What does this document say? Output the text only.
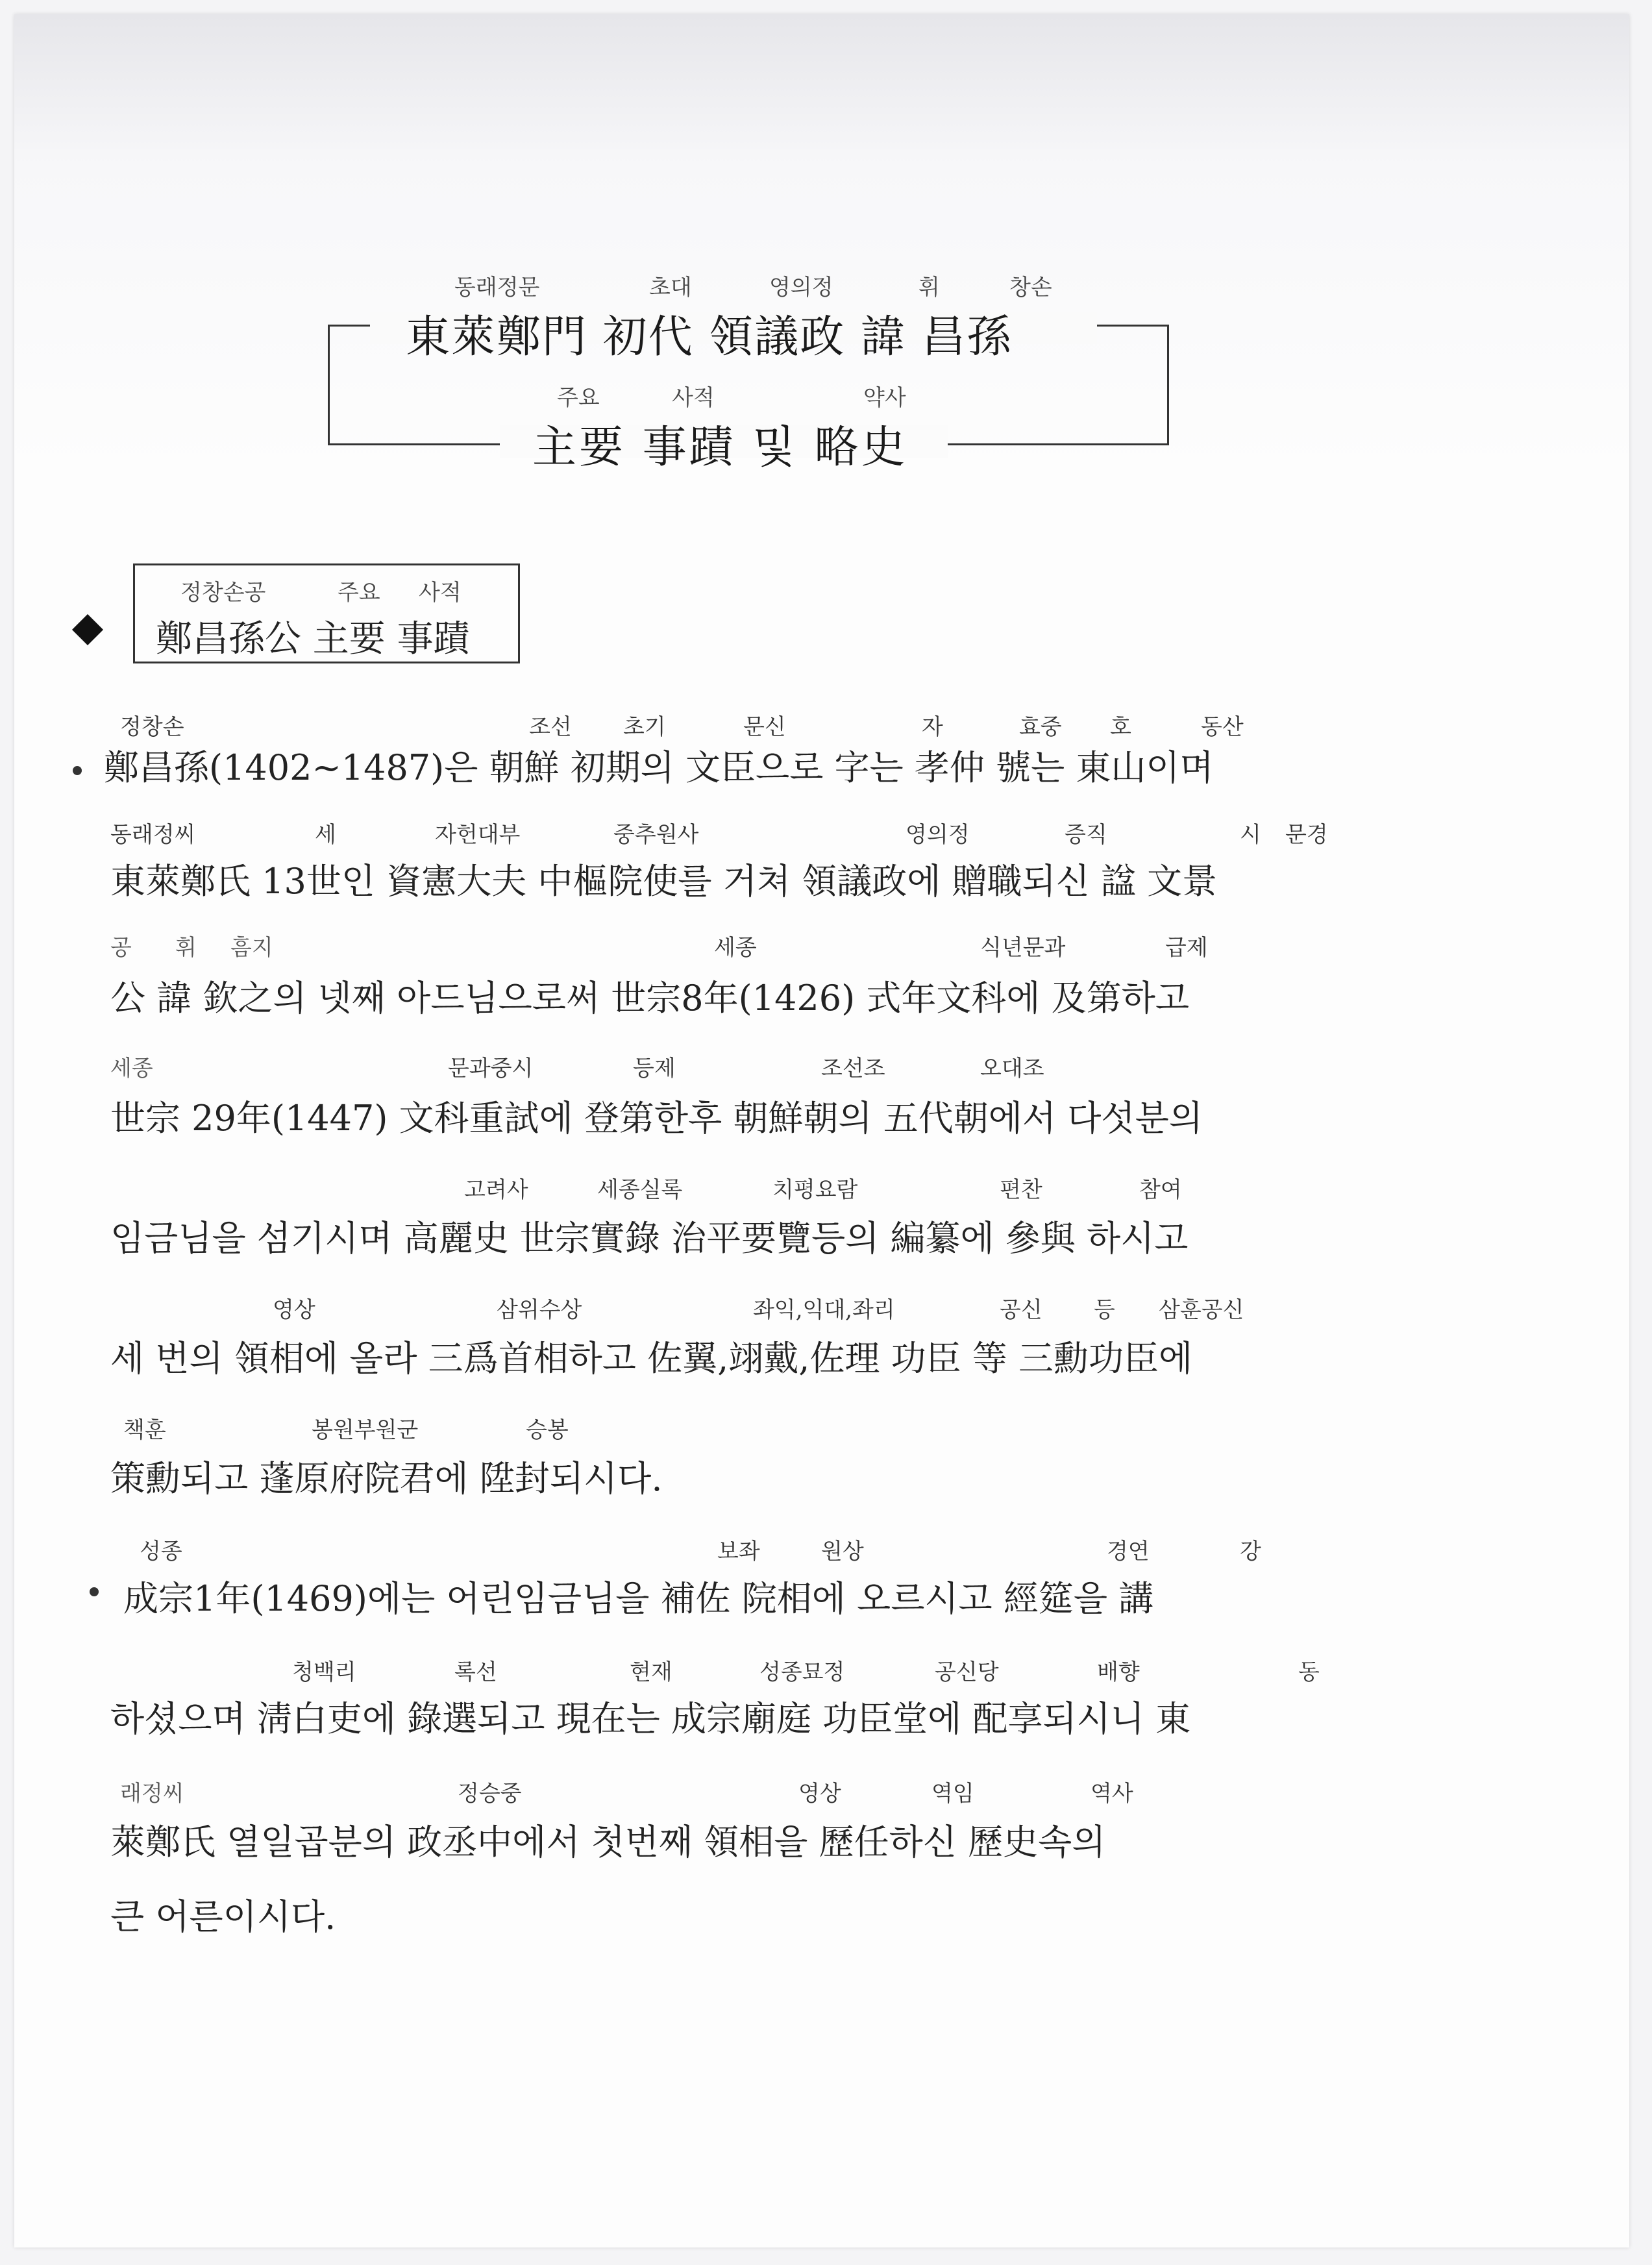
동래정문	초대	영의정	휘	창손
東萊鄭門 初代 領議政 諱 昌孫
주요	사적	약사
主要 事蹟 및 略史
정창손공	주요 사적
鄭昌孫公 主要 事蹟
정창손	조선 초기	문신	자	효중 호	동산
鄭昌孫(1402~1487)은 朝鮮 初期의 文臣으로 字는 孝仲 號는 東山이며
동래정씨	세	자헌대부	중추원사	영의정	증직	시 문경
東萊鄭氏 13世인 資憲大夫 中樞院使를 거쳐 領議政에 贈職되신 諡 文景
공 휘 흠지	세종	식년문과	급제
公 諱 欽之의 넷째 아드님으로써 世宗8年(1426) 式年文科에 及第하고
세종	문과중시	등제	조선조	오대조
世宗 29年(1447) 文科重試에 登第한후 朝鮮朝의 五代朝에서 다섯분의
고려사	세종실록	치평요람	편찬	참여
임금님을 섬기시며 高麗史 世宗實錄 治平要覽등의 編纂에 參與 하시고
영상	삼위수상	좌익,익대,좌리	공신 등 삼훈공신
세 번의 領相에 올라 三爲首相하고 佐翼,翊戴,佐理 功臣 等 三勳功臣에
책훈	봉원부원군	승봉
策勳되고 蓬原府院君에 陞封되시다.
성종	보좌	원상	경연	강
成宗1年(1469)에는 어린임금님을 補佐 院相에 오르시고 經筵을 講
청백리	록선	현재	성종묘정	공신당	배향	동
하셨으며 淸白吏에 錄選되고 現在는 成宗廟庭 功臣堂에 配享되시니 東
래정씨	정승중	영상	역임	역사
萊鄭氏 열일곱분의 政丞中에서 첫번째 領相을 歷任하신 歷史속의
큰 어른이시다.
